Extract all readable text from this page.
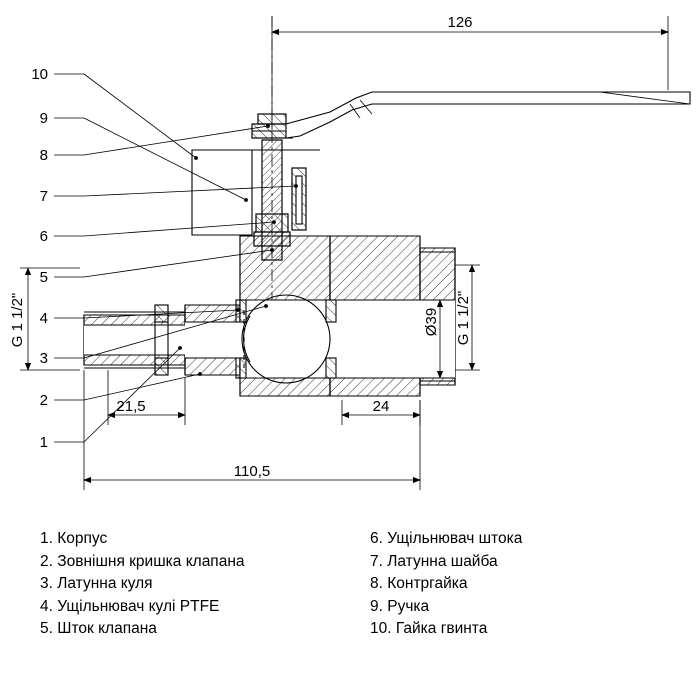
126
110,5
21,5	24
Ø39
G 1 1/2"	G 1 1/2"
10
9
8
7
6
5
4
3
2
1
1. Корпус
2. Зовнішня кришка клапана
3. Латунна куля
4. Ущільнювач кулі PTFE
5. Шток клапана
6. Ущільнювач штока
7. Латунна шайба
8. Контргайка
9. Ручка
10. Гайка гвинта
